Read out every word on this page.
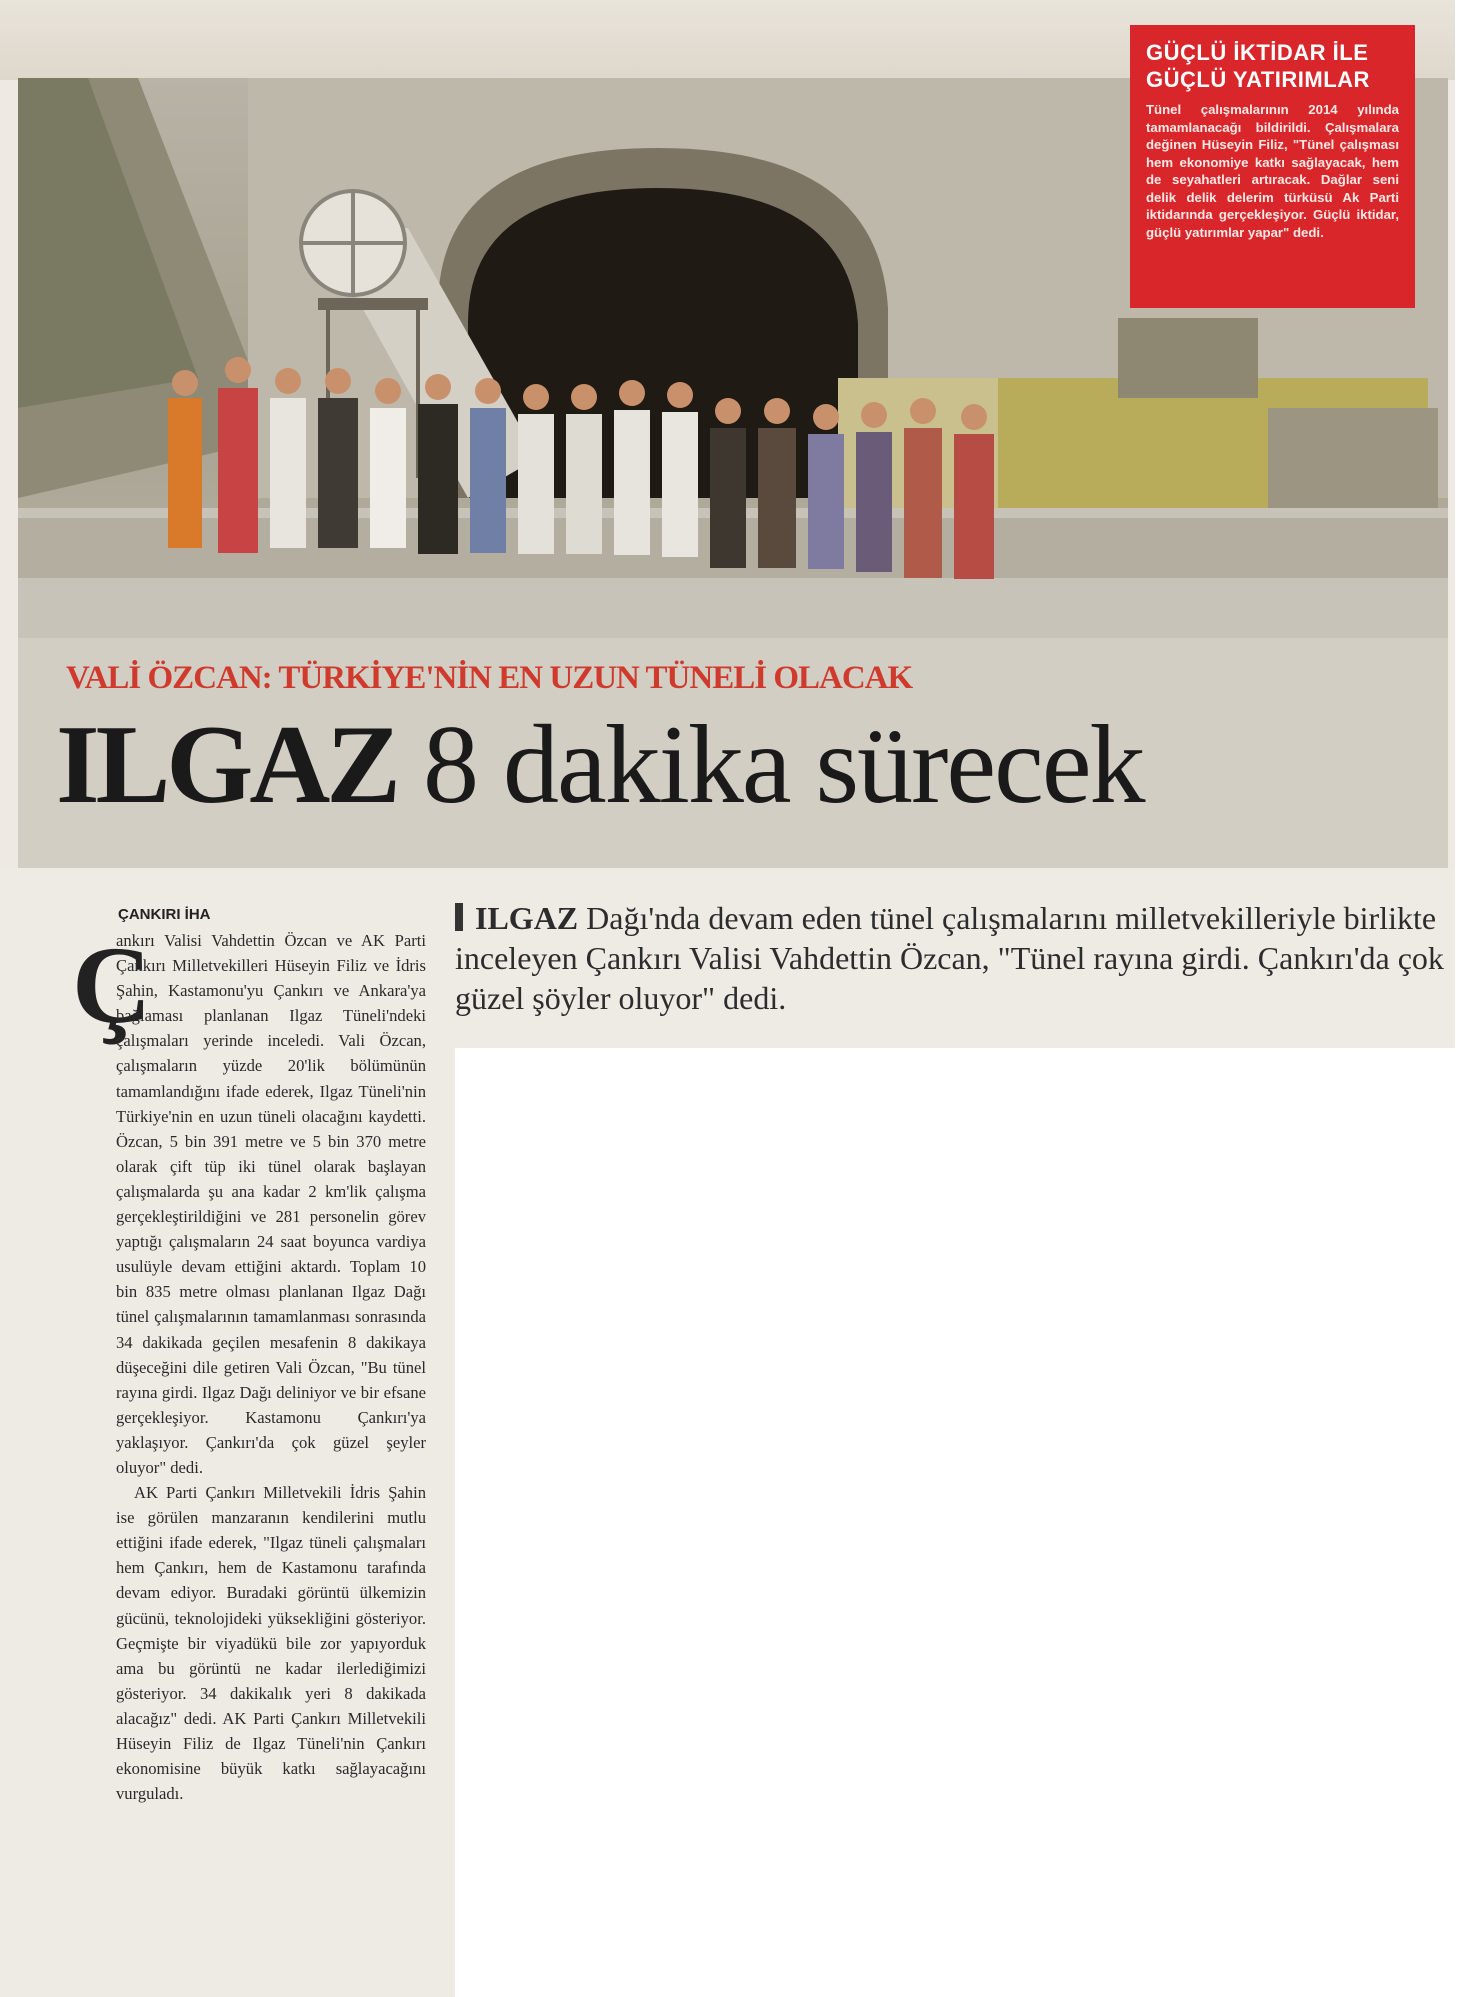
GÜÇLÜ İKTİDAR İLE
GÜÇLÜ YATIRIMLAR
Tünel çalışmalarının 2014 yılında tamamlanacağı bildirildi. Çalışmalara değinen Hüseyin Filiz, "Tünel çalışması hem ekonomiye katkı sağlayacak, hem de seyahatleri artıracak. Dağlar seni delik delik delerim türküsü Ak Parti iktidarında gerçekleşiyor. Güçlü iktidar, güçlü yatırımlar yapar" dedi.
VALİ ÖZCAN: TÜRKİYE'NİN EN UZUN TÜNELİ OLACAK
ILGAZ 8 dakika sürecek
ÇANKIRI İHA
Ç

ankırı Valisi Vahdettin Özcan ve AK Parti Çankırı Milletvekilleri Hüseyin Filiz ve İdris Şahin, Kastamonu'yu Çankırı ve Ankara'ya bağlaması planlanan Ilgaz Tüneli'ndeki çalışmaları yerinde inceledi. Vali Özcan, çalışmaların yüzde 20'lik bölümünün tamamlandığını ifade ederek, Ilgaz Tüneli'nin Türkiye'nin en uzun tüneli olacağını kaydetti. Özcan, 5 bin 391 metre ve 5 bin 370 metre olarak çift tüp iki tünel olarak başlayan çalışmalarda şu ana kadar 2 km'lik çalışma gerçekleştirildiğini ve 281 personelin görev yaptığı çalışmaların 24 saat boyunca vardiya usulüyle devam ettiğini aktardı. Toplam 10 bin 835 metre olması planlanan Ilgaz Dağı tünel çalışmalarının tamamlanması sonrasında 34 dakikada geçilen mesafenin 8 dakikaya düşeceğini dile getiren Vali Özcan, "Bu tünel rayına girdi. Ilgaz Dağı deliniyor ve bir efsane gerçekleşiyor. Kastamonu Çankırı'ya yaklaşıyor. Çankırı'da çok güzel şeyler oluyor" dedi.

AK Parti Çankırı Milletvekili İdris Şahin ise görülen manzaranın kendilerini mutlu ettiğini ifade ederek, "Ilgaz tüneli çalışmaları hem Çankırı, hem de Kastamonu tarafında devam ediyor. Buradaki görüntü ülkemizin gücünü, teknolojideki yüksekliğini gösteriyor. Geçmişte bir viyadükü bile zor yapıyorduk ama bu görüntü ne kadar ilerlediğimizi gösteriyor. 34 dakikalık yeri 8 dakikada alacağız" dedi. AK Parti Çankırı Milletvekili Hüseyin Filiz de Ilgaz Tüneli'nin Çankırı ekonomisine büyük katkı sağlayacağını vurguladı.

ILGAZ Dağı'nda devam eden tünel çalışmalarını milletvekilleriyle birlikte inceleyen Çankırı Valisi Vahdettin Özcan, "Tünel rayına girdi. Çankırı'da çok güzel şöyler oluyor" dedi.
